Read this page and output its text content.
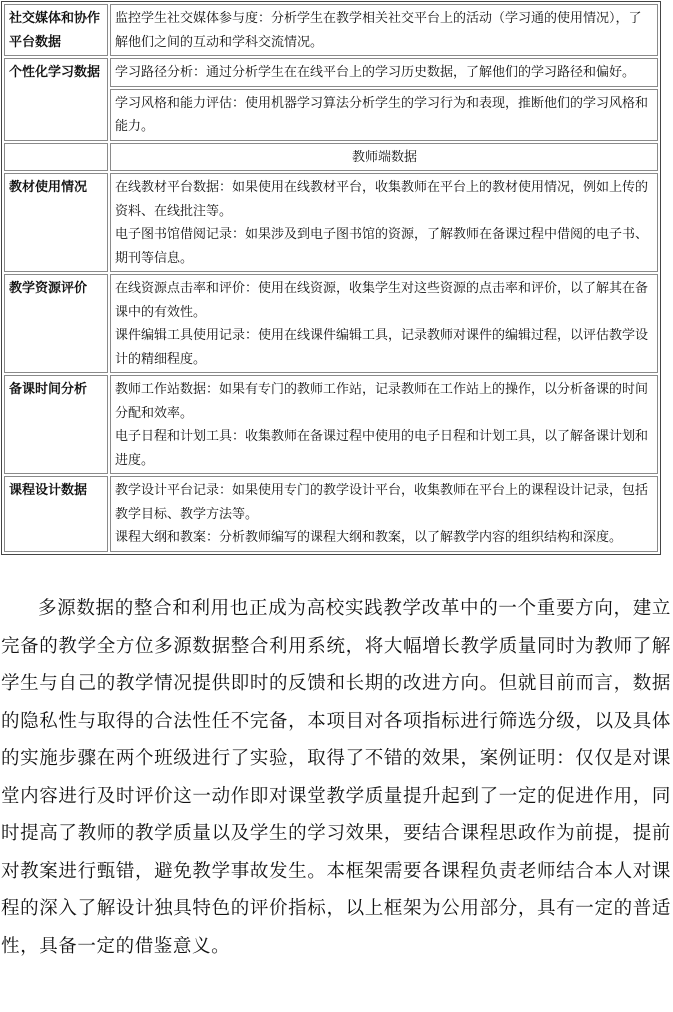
社交媒体和协作平台数据	监控学生社交媒体参与度：分析学生在教学相关社交平台上的活动（学习通的使用情况），了解他们之间的互动和学科交流情况。

个性化学习数据	学习路径分析：通过分析学生在在线平台上的学习历史数据，了解他们的学习路径和偏好。

	学习风格和能力评估：使用机器学习算法分析学生的学习行为和表现，推断他们的学习风格和能力。

	教师端数据
教材使用情况	在线教材平台数据：如果使用在线教材平台，收集教师在平台上的教材使用情况，例如上传的资料、在线批注等。
电子图书馆借阅记录：如果涉及到电子图书馆的资源，了解教师在备课过程中借阅的电子书、期刊等信息。

教学资源评价	在线资源点击率和评价：使用在线资源，收集学生对这些资源的点击率和评价，以了解其在备课中的有效性。
课件编辑工具使用记录：使用在线课件编辑工具，记录教师对课件的编辑过程，以评估教学设计的精细程度。

备课时间分析	教师工作站数据：如果有专门的教师工作站，记录教师在工作站上的操作，以分析备课的时间分配和效率。
电子日程和计划工具：收集教师在备课过程中使用的电子日程和计划工具，以了解备课计划和进度。

课程设计数据	教学设计平台记录：如果使用专门的教学设计平台，收集教师在平台上的课程设计记录，包括教学目标、教学方法等。
课程大纲和教案：分析教师编写的课程大纲和教案，以了解教学内容的组织结构和深度。

多源数据的整合和利用也正成为高校实践教学改革中的一个重要方向，建立完备的教学全方位多源数据整合利用系统，将大幅增长教学质量同时为教师了解学生与自己的教学情况提供即时的反馈和长期的改进方向。但就目前而言，数据的隐私性与取得的合法性任不完备，本项目对各项指标进行筛选分级，以及具体的实施步骤在两个班级进行了实验，取得了不错的效果，案例证明：仅仅是对课堂内容进行及时评价这一动作即对课堂教学质量提升起到了一定的促进作用，同时提高了教师的教学质量以及学生的学习效果，要结合课程思政作为前提，提前对教案进行甄错，避免教学事故发生。本框架需要各课程负责老师结合本人对课程的深入了解设计独具特色的评价指标，以上框架为公用部分，具有一定的普适性，具备一定的借鉴意义。
